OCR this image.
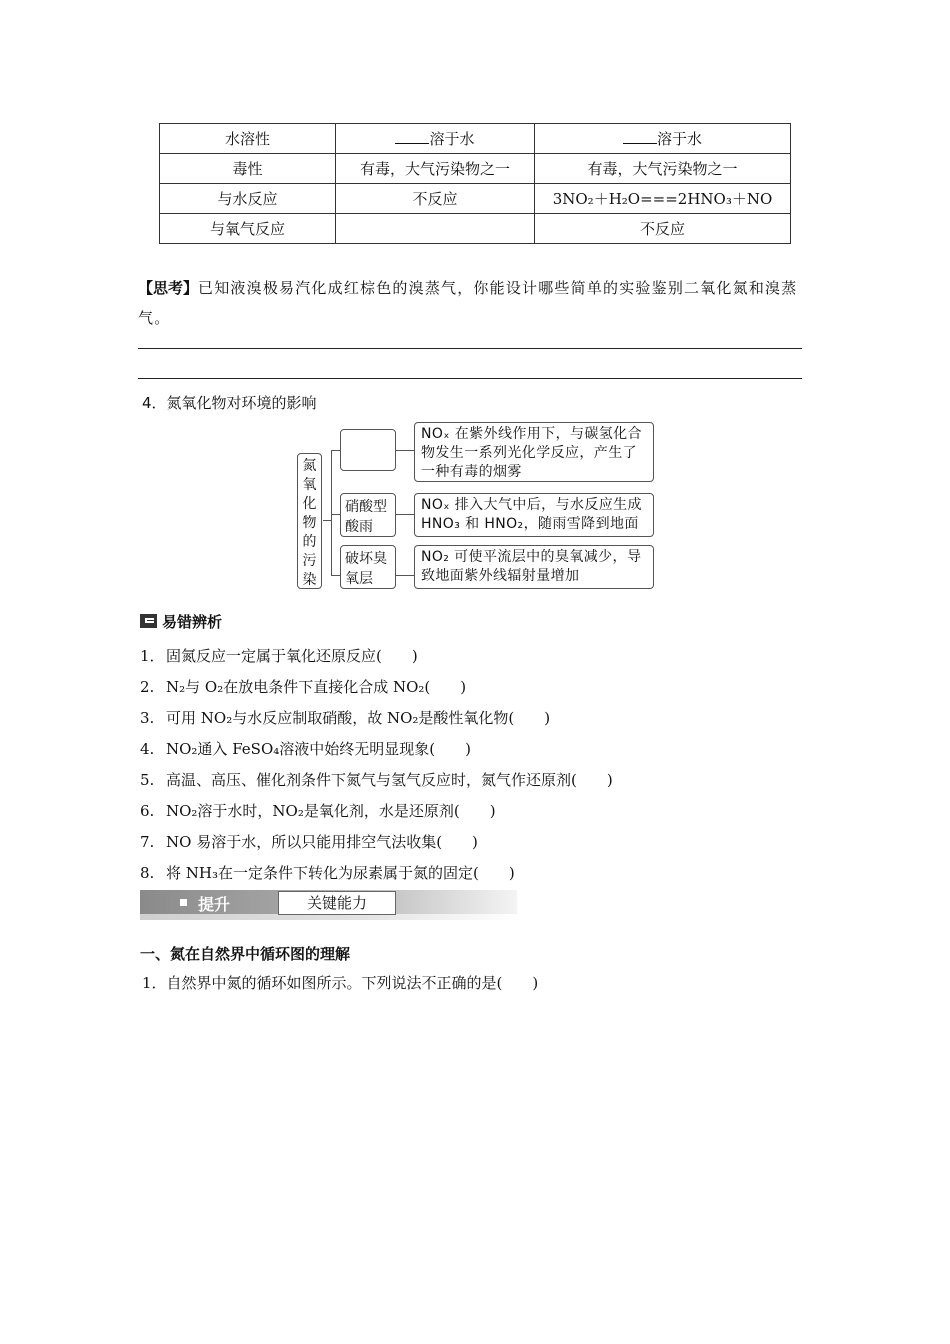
水溶性	溶于水	溶于水
毒性	有毒，大气污染物之一	有毒，大气污染物之一
与水反应	不反应	3NO₂＋H₂O===2HNO₃＋NO
与氧气反应		不反应
【思考】已知液溴极易汽化成红棕色的溴蒸气，你能设计哪些简单的实验鉴别二氧化氮和溴蒸气。
4．氮氧化物对环境的影响
氮氧化物的污染
硝酸型酸雨
破坏臭氧层
NOₓ 在紫外线作用下，与碳氢化合物发生一系列光化学反应，产生了一种有毒的烟雾
NOₓ 排入大气中后，与水反应生成 HNO₃ 和 HNO₂，随雨雪降到地面
NO₂ 可使平流层中的臭氧减少，导致地面紫外线辐射量增加
易错辨析
1．固氮反应一定属于氧化还原反应(　　)
2. N₂与 O₂在放电条件下直接化合成 NO₂(　　)
3. 可用 NO₂与水反应制取硝酸，故 NO₂是酸性氧化物(　　)
4. NO₂通入 FeSO₄溶液中始终无明显现象(　　)
5. 高温、高压、催化剂条件下氮气与氢气反应时，氮气作还原剂(　　)
6. NO₂溶于水时，NO₂是氧化剂，水是还原剂(　　)
7. NO 易溶于水，所以只能用排空气法收集(　　)
8. 将 NH₃在一定条件下转化为尿素属于氮的固定(　　)
提升	关键能力
一、氮在自然界中循环图的理解
1．自然界中氮的循环如图所示。下列说法不正确的是(　　)
